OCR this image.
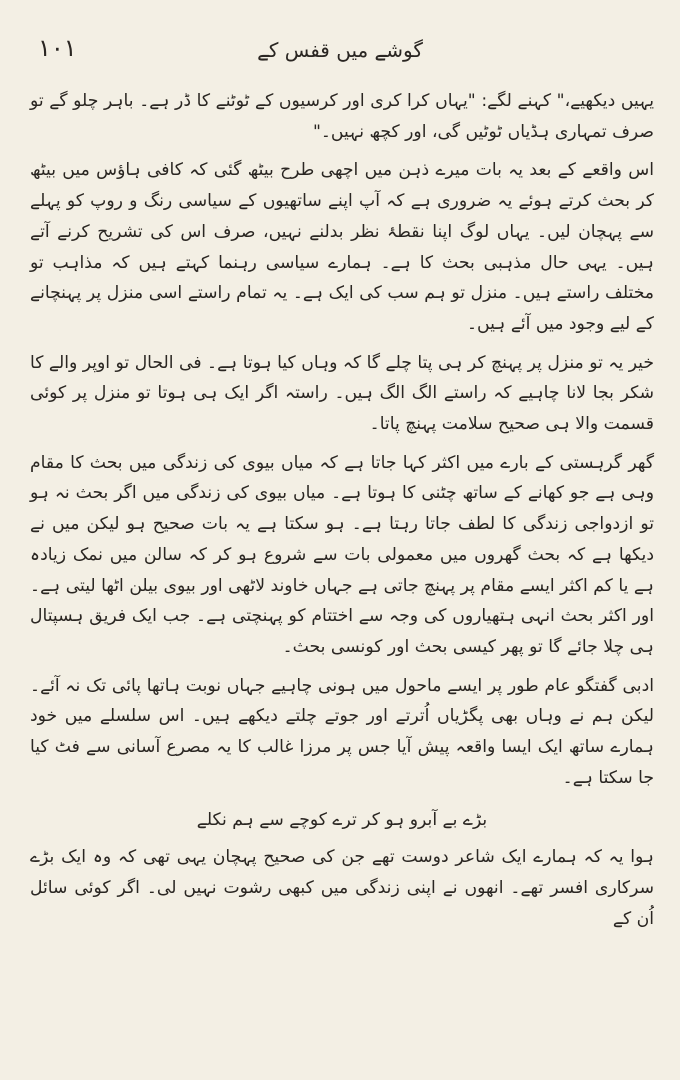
۱۰۱	گوشے میں قفس کے

یہیں دیکھیے،" کہنے لگے: "یہاں کرا کری اور کرسیوں کے ٹوٹنے کا ڈر ہے۔ باہر چلو گے تو صرف تمہاری ہڈیاں ٹوٹیں گی، اور کچھ نہیں۔"

اس واقعے کے بعد یہ بات میرے ذہن میں اچھی طرح بیٹھ گئی کہ کافی ہاؤس میں بیٹھ کر بحث کرتے ہوئے یہ ضروری ہے کہ آپ اپنے ساتھیوں کے سیاسی رنگ و روپ کو پہلے سے پہچان لیں۔ یہاں لوگ اپنا نقطۂ نظر بدلنے نہیں، صرف اس کی تشریح کرنے آتے ہیں۔ یہی حال مذہبی بحث کا ہے۔ ہمارے سیاسی رہنما کہتے ہیں کہ مذاہب تو مختلف راستے ہیں۔ منزل تو ہم سب کی ایک ہے۔ یہ تمام راستے اسی منزل پر پہنچانے کے لیے وجود میں آئے ہیں۔

خیر یہ تو منزل پر پہنچ کر ہی پتا چلے گا کہ وہاں کیا ہوتا ہے۔ فی الحال تو اوپر والے کا شکر بجا لانا چاہیے کہ راستے الگ الگ ہیں۔ راستہ اگر ایک ہی ہوتا تو منزل پر کوئی قسمت والا ہی صحیح سلامت پہنچ پاتا۔

گھر گرہستی کے بارے میں اکثر کہا جاتا ہے کہ میاں بیوی کی زندگی میں بحث کا مقام وہی ہے جو کھانے کے ساتھ چٹنی کا ہوتا ہے۔ میاں بیوی کی زندگی میں اگر بحث نہ ہو تو ازدواجی زندگی کا لطف جاتا رہتا ہے۔ ہو سکتا ہے یہ بات صحیح ہو لیکن میں نے دیکھا ہے کہ بحث گھروں میں معمولی بات سے شروع ہو کر کہ سالن میں نمک زیادہ ہے یا کم اکثر ایسے مقام پر پہنچ جاتی ہے جہاں خاوند لاٹھی اور بیوی بیلن اٹھا لیتی ہے۔ اور اکثر بحث انہی ہتھیاروں کی وجہ سے اختتام کو پہنچتی ہے۔ جب ایک فریق ہسپتال ہی چلا جائے گا تو پھر کیسی بحث اور کونسی بحث۔

ادبی گفتگو عام طور پر ایسے ماحول میں ہونی چاہیے جہاں نوبت ہاتھا پائی تک نہ آئے۔ لیکن ہم نے وہاں بھی پگڑیاں اُترتے اور جوتے چلتے دیکھے ہیں۔ اس سلسلے میں خود ہمارے ساتھ ایک ایسا واقعہ پیش آیا جس پر مرزا غالب کا یہ مصرع آسانی سے فٹ کیا جا سکتا ہے۔

بڑے بے آبرو ہو کر ترے کوچے سے ہم نکلے

ہوا یہ کہ ہمارے ایک شاعر دوست تھے جن کی صحیح پہچان یہی تھی کہ وہ ایک بڑے سرکاری افسر تھے۔ انھوں نے اپنی زندگی میں کبھی رشوت نہیں لی۔ اگر کوئی سائل اُن کے
